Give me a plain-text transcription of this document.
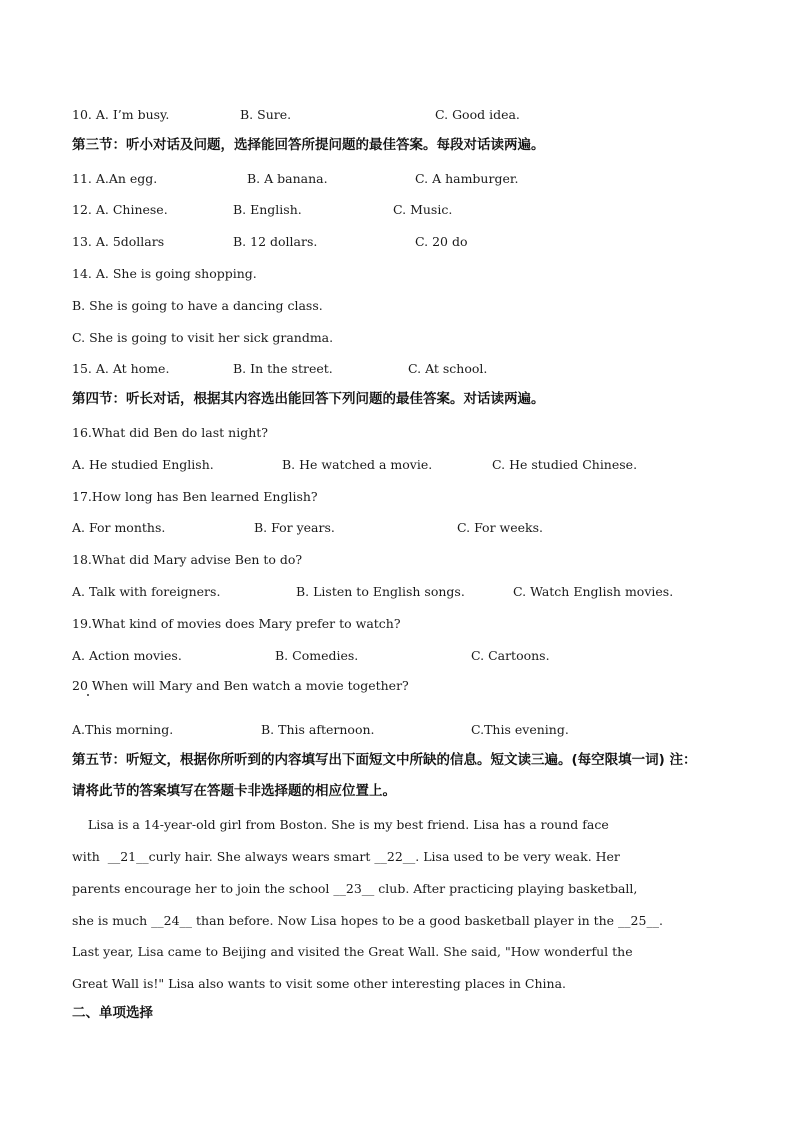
10. A. I’m busy.	B. Sure.	C. Good idea.
第三节：听小对话及问题，选择能回答所提问题的最佳答案。每段对话读两遍。
11. A.An egg.	B. A banana.	C. A hamburger.
12. A. Chinese.	B. English.	C. Music.
13. A. 5dollars	B. 12 dollars.	C. 20 do
14. A. She is going shopping.
B. She is going to have a dancing class.
C. She is going to visit her sick grandma.
15. A. At home.	B. In the street.	C. At school.
第四节：听长对话，根据其内容选出能回答下列问题的最佳答案。对话读两遍。
16.What did Ben do last night?
A. He studied English.	B. He watched a movie.	C. He studied Chinese.
17.How long has Ben learned English?
A. For months.	B. For years.	C. For weeks.
18.What did Mary advise Ben to do?
A. Talk with foreigners.	B. Listen to English songs.	C. Watch English movies.
19.What kind of movies does Mary prefer to watch?
A. Action movies.	B. Comedies.	C. Cartoons.
20 When will Mary and Ben watch a movie together?
A.This morning.	B. This afternoon.	C.This evening.
第五节：听短文，根据你所听到的内容填写出下面短文中所缺的信息。短文读三遍。(每空限填一词) 注：
请将此节的答案填写在答题卡非选择题的相应位置上。
Lisa is a 14-year-old girl from Boston. She is my best friend. Lisa has a round face
with  __21__curly hair. She always wears smart __22__. Lisa used to be very weak. Her
parents encourage her to join the school __23__ club. After practicing playing basketball,
she is much __24__ than before. Now Lisa hopes to be a good basketball player in the __25__.
Last year, Lisa came to Beijing and visited the Great Wall. She said, "How wonderful the
Great Wall is!" Lisa also wants to visit some other interesting places in China.
二、单项选择
